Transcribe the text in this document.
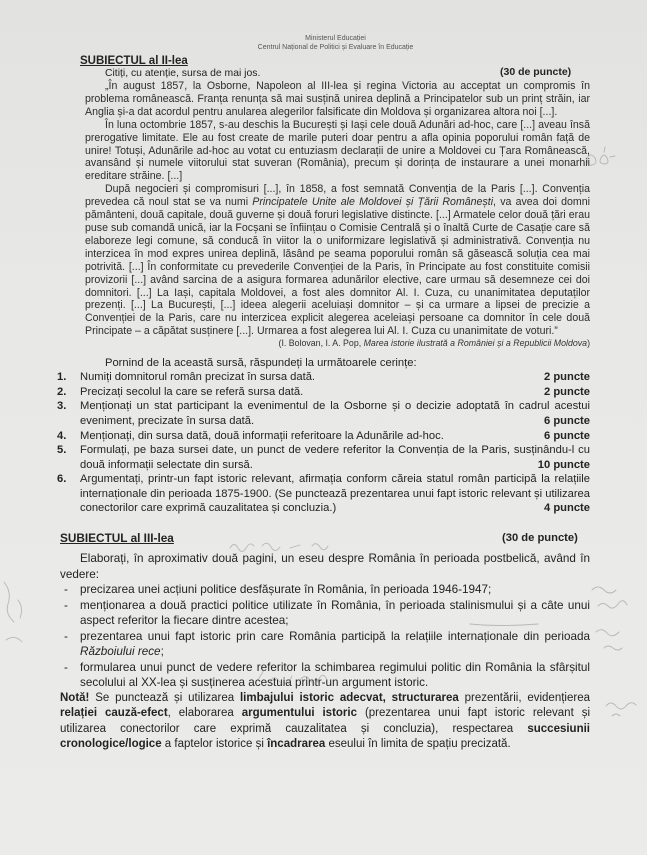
Ministerul Educației
Centrul Național de Politici și Evaluare în Educație
SUBIECTUL al II-lea
(30 de puncte)
Citiți, cu atenție, sursa de mai jos.

„În august 1857, la Osborne, Napoleon al III-lea și regina Victoria au acceptat un compromis în problema românească. Franța renunța să mai susțină unirea deplină a Principatelor sub un prinț străin, iar Anglia și-a dat acordul pentru anularea alegerilor falsificate din Moldova și organizarea altora noi [...].

În luna octombrie 1857, s-au deschis la București și Iași cele două Adunări ad-hoc, care [...] aveau însă prerogative limitate. Ele au fost create de marile puteri doar pentru a afla opinia poporului român față de unire! Totuși, Adunările ad-hoc au votat cu entuziasm declarații de unire a Moldovei cu Țara Românească, avansând și numele viitorului stat suveran (România), precum și dorința de instaurare a unei monarhii ereditare străine. [...]

După negocieri și compromisuri [...], în 1858, a fost semnată Convenția de la Paris [...]. Convenția prevedea că noul stat se va numi Principatele Unite ale Moldovei și Țării Românești, va avea doi domni pământeni, două capitale, două guverne și două foruri legislative distincte. [...] Armatele celor două țări erau puse sub comandă unică, iar la Focșani se înființau o Comisie Centrală și o înaltă Curte de Casație care să elaboreze legi comune, să conducă în viitor la o uniformizare legislativă și administrativă. Convenția nu interzicea în mod expres unirea deplină, lăsând pe seama poporului român să găsească soluția cea mai potrivită. [...] În conformitate cu prevederile Convenției de la Paris, în Principate au fost constituite comisii provizorii [...] având sarcina de a asigura formarea adunărilor elective, care urmau să desemneze cei doi domnitori. [...] La Iași, capitala Moldovei, a fost ales domnitor Al. I. Cuza, cu unanimitatea deputaților prezenți. [...] La București, [...] ideea alegerii aceluiași domnitor – și ca urmare a lipsei de precizie a Convenției de la Paris, care nu interzicea explicit alegerea aceleiași persoane ca domnitor în cele două Principate – a căpătat susținere [...]. Urmarea a fost alegerea lui Al. I. Cuza cu unanimitate de voturi.”

(I. Bolovan, I. A. Pop, Marea istorie ilustrată a României și a Republicii Moldova)
Pornind de la această sursă, răspundeți la următoarele cerințe:
1. Numiți domnitorul român precizat în sursa dată.	2 puncte
2. Precizați secolul la care se referă sursa dată.	2 puncte
3. Menționați un stat participant la evenimentul de la Osborne și o decizie adoptată în cadrul acestui eveniment, precizate în sursa dată.	6 puncte
4. Menționați, din sursa dată, două informații referitoare la Adunările ad-hoc.	6 puncte
5. Formulați, pe baza sursei date, un punct de vedere referitor la Convenția de la Paris, susținându-l cu două informații selectate din sursă.	10 puncte
6. Argumentați, printr-un fapt istoric relevant, afirmația conform căreia statul român participă la relațiile internaționale din perioada 1875-1900. (Se punctează prezentarea unui fapt istoric relevant și utilizarea conectorilor care exprimă cauzalitatea și concluzia.)	4 puncte
SUBIECTUL al III-lea	(30 de puncte)
Elaborați, în aproximativ două pagini, un eseu despre România în perioada postbelică, având în vedere:
- precizarea unei acțiuni politice desfășurate în România, în perioada 1946-1947;
- menționarea a două practici politice utilizate în România, în perioada stalinismului și a câte unui aspect referitor la fiecare dintre acestea;
- prezentarea unui fapt istoric prin care România participă la relațiile internaționale din perioada Războiului rece;
- formularea unui punct de vedere referitor la schimbarea regimului politic din România la sfârșitul secolului al XX-lea și susținerea acestuia printr-un argument istoric.
Notă! Se punctează și utilizarea limbajului istoric adecvat, structurarea prezentării, evidențierea relației cauză-efect, elaborarea argumentului istoric (prezentarea unui fapt istoric relevant și utilizarea conectorilor care exprimă cauzalitatea și concluzia), respectarea succesiunii cronologice/logice a faptelor istorice și încadrarea eseului în limita de spațiu precizată.
